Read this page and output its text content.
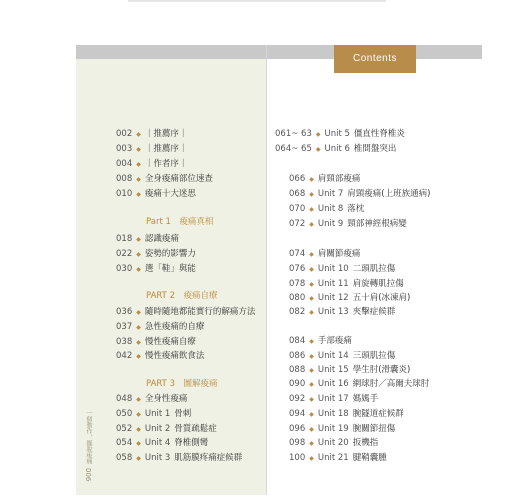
Contents
一個動作，擺脫痠痛
006
002 ◆ ｜推薦序｜
003 ◆ ｜推薦序｜
004 ◆ ｜作者序｜
008 ◆ 全身痠痛部位速查
010 ◆ 痠痛十大迷思
Part 1　痠痛真相
018 ◆ 認識痠痛
022 ◆ 姿勢的影響力
030 ◆ 選「鞋」與能
PART 2　痠痛自療
036 ◆ 隨時隨地都能實行的解痛方法
037 ◆ 急性痠痛的自療
038 ◆ 慢性痠痛自療
042 ◆ 慢性痠痛飲食法
PART 3　圖解痠痛
048 ◆ 全身性痠痛
050 ◆ Unit 1 骨刺
052 ◆ Unit 2 骨質疏鬆症
054 ◆ Unit 4 脊椎側彎
058 ◆ Unit 3 肌筋膜疼痛症候群
061~ 63 ◆ Unit 5 僵直性脊椎炎
064~ 65 ◆ Unit 6 椎間盤突出
066 ◆ 肩頸部痠痛
068 ◆ Unit 7 肩頸痠痛(上班族通病)
070 ◆ Unit 8 落枕
072 ◆ Unit 9 頸部神經根病變
074 ◆ 肩關節痠痛
076 ◆ Unit 10 二頭肌拉傷
078 ◆ Unit 11 肩旋轉肌拉傷
080 ◆ Unit 12 五十肩(冰凍肩)
082 ◆ Unit 13 夾擊症候群
084 ◆ 手部痠痛
086 ◆ Unit 14 三頭肌拉傷
088 ◆ Unit 15 學生肘(滑囊炎)
090 ◆ Unit 16 網球肘／高爾夫球肘
092 ◆ Unit 17 媽媽手
094 ◆ Unit 18 腕隧道症候群
096 ◆ Unit 19 腕關節扭傷
098 ◆ Unit 20 扳機指
100 ◆ Unit 21 腱鞘囊腫
